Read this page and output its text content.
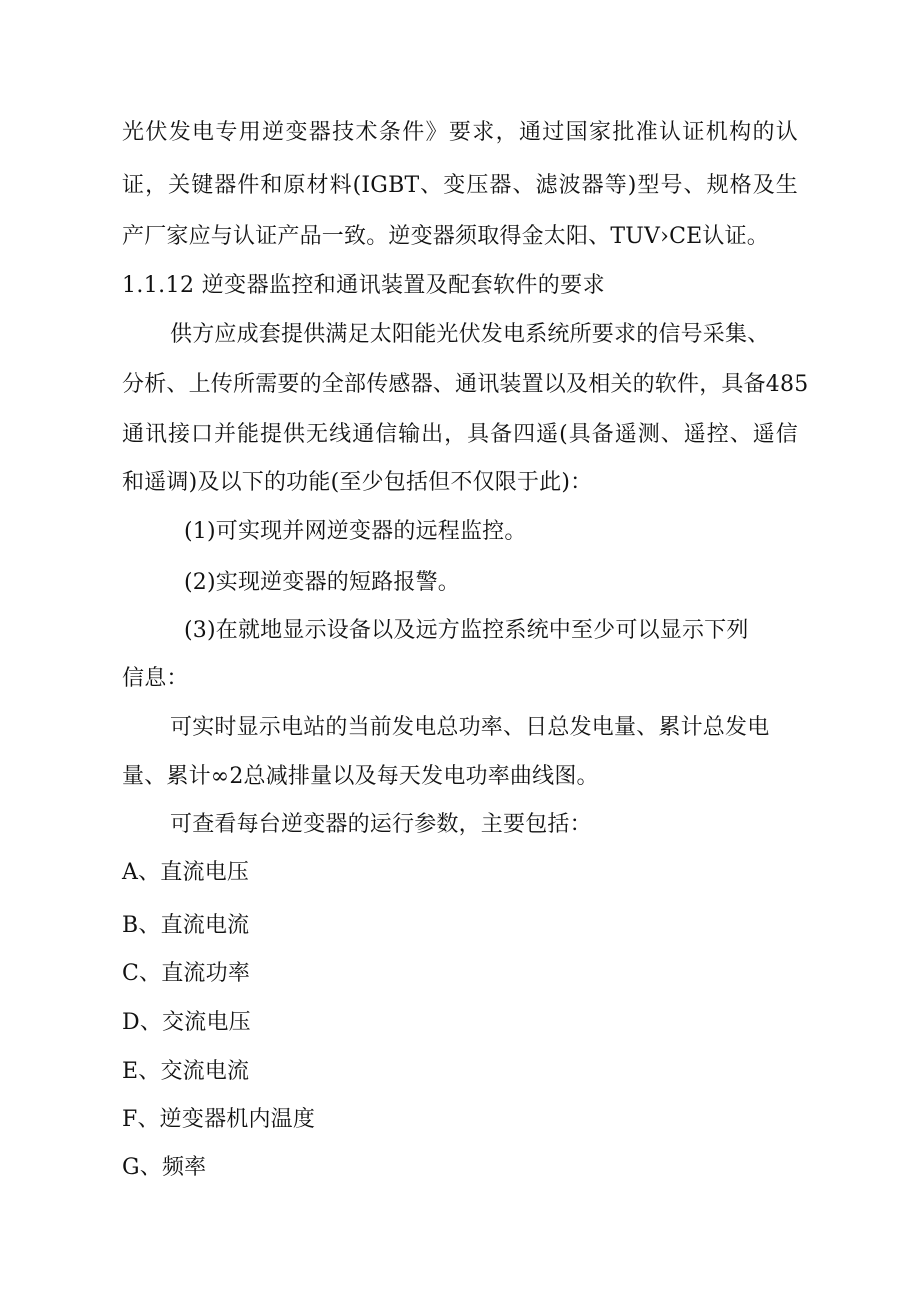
光伏发电专用逆变器技术条件》要求，通过国家批准认证机构的认
证，关键器件和原材料(IGBT、变压器、滤波器等)型号、规格及生
产厂家应与认证产品一致。逆变器须取得金太阳、TUV›CE认证。
1.1.12 逆变器监控和通讯装置及配套软件的要求
供方应成套提供满足太阳能光伏发电系统所要求的信号采集、
分析、上传所需要的全部传感器、通讯装置以及相关的软件，具备485
通讯接口并能提供无线通信输出，具备四遥(具备遥测、遥控、遥信
和遥调)及以下的功能(至少包括但不仅限于此)：
(1)可实现并网逆变器的远程监控。
(2)实现逆变器的短路报警。
(3)在就地显示设备以及远方监控系统中至少可以显示下列
信息：
可实时显示电站的当前发电总功率、日总发电量、累计总发电
量、累计∞2总减排量以及每天发电功率曲线图。
可查看每台逆变器的运行参数，主要包括：
A、直流电压
B、直流电流
C、直流功率
D、交流电压
E、交流电流
F、逆变器机内温度
G、频率
